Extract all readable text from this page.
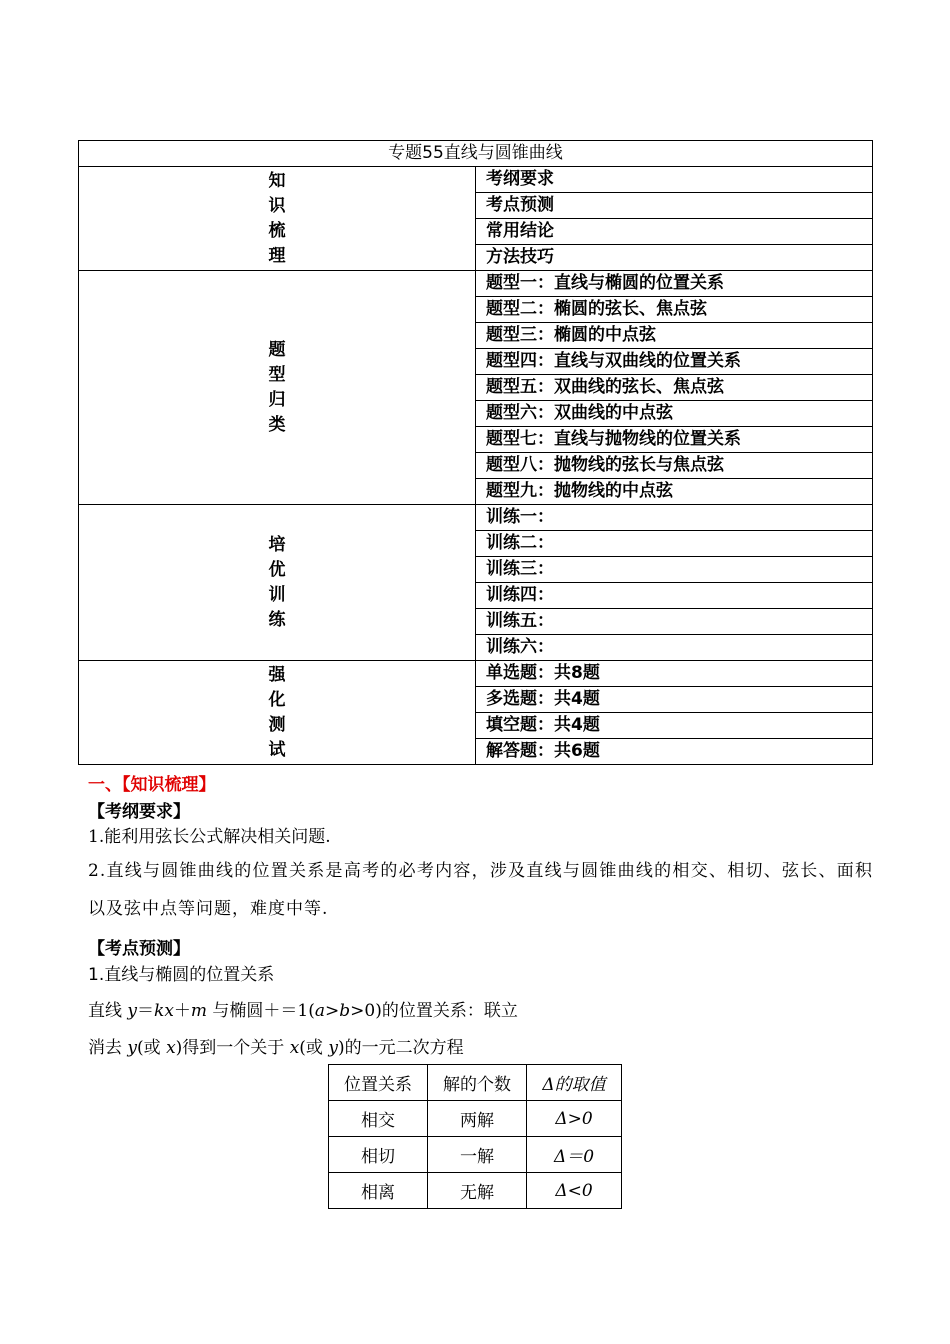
专题55直线与圆锥曲线	

知
识
梳
理	考纲要求
	考点预测
	常用结论
	方法技巧

题
型
归
类	题型一：直线与椭圆的位置关系
	题型二：椭圆的弦长、焦点弦
	题型三：椭圆的中点弦
	题型四：直线与双曲线的位置关系
	题型五：双曲线的弦长、焦点弦
	题型六：双曲线的中点弦
	题型七：直线与抛物线的位置关系
	题型八：抛物线的弦长与焦点弦
	题型九：抛物线的中点弦

培
优
训
练	训练一：
	训练二：
	训练三：
	训练四：
	训练五：
	训练六：

强
化
测
试	单选题：共8题
	多选题：共4题
	填空题：共4题
	解答题：共6题
一、【知识梳理】
【考纲要求】
1.能利用弦长公式解决相关问题.
2.直线与圆锥曲线的位置关系是高考的必考内容，涉及直线与圆锥曲线的相交、相切、弦长、面积以及弦中点等问题，难度中等.
【考点预测】
1.直线与椭圆的位置关系
直线 y＝kx＋m 与椭圆＋＝1(a>b>0)的位置关系：联立
消去 y(或 x)得到一个关于 x(或 y)的一元二次方程
位置关系	解的个数	Δ的取值
相交	两解	Δ>0
相切	一解	Δ＝0
相离	无解	Δ<0
